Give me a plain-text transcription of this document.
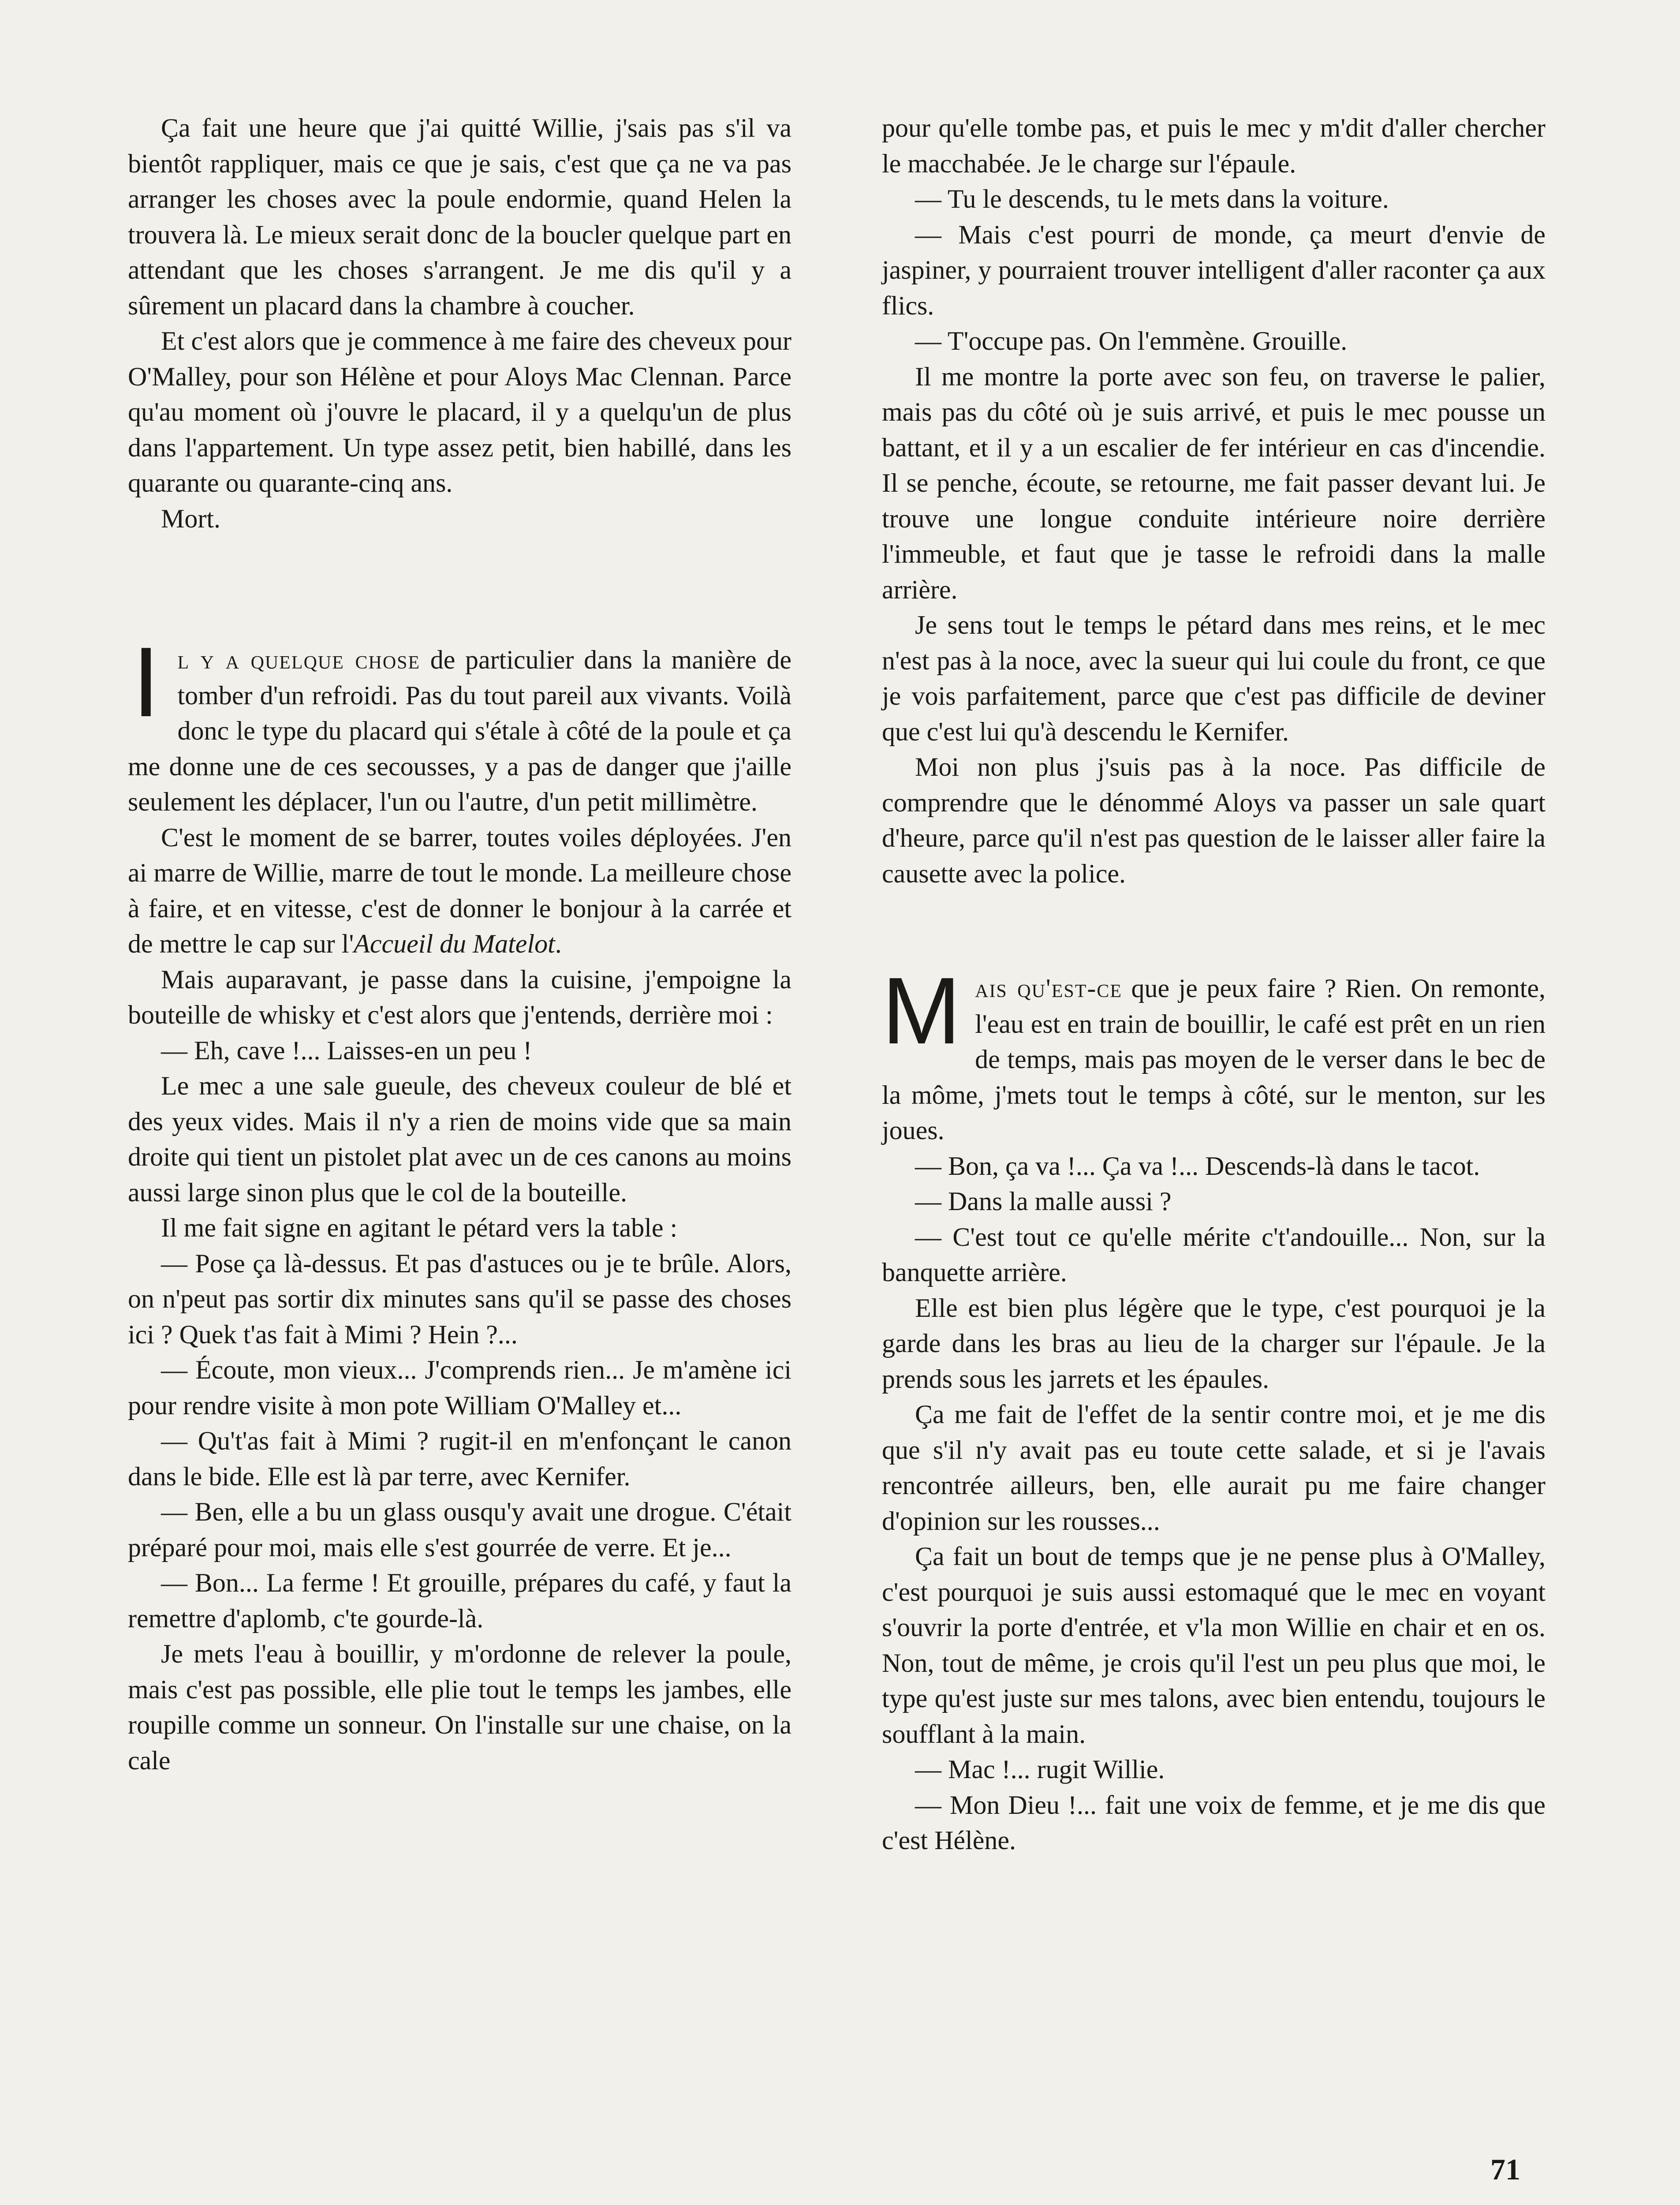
Ça fait une heure que j'ai quitté Willie, j'sais pas s'il va bientôt rappliquer, mais ce que je sais, c'est que ça ne va pas arranger les choses avec la poule endormie, quand Helen la trouvera là. Le mieux serait donc de la boucler quelque part en attendant que les choses s'arrangent. Je me dis qu'il y a sûrement un placard dans la chambre à coucher.

Et c'est alors que je commence à me faire des cheveux pour O'Malley, pour son Hélène et pour Aloys Mac Clennan. Parce qu'au moment où j'ouvre le placard, il y a quelqu'un de plus dans l'appartement. Un type assez petit, bien habillé, dans les quarante ou quarante-cinq ans.

Mort.

Il y a quelque chose de particulier dans la manière de tomber d'un refroidi. Pas du tout pareil aux vivants. Voilà donc le type du placard qui s'étale à côté de la poule et ça me donne une de ces secousses, y a pas de danger que j'aille seulement les déplacer, l'un ou l'autre, d'un petit millimètre.

C'est le moment de se barrer, toutes voiles déployées. J'en ai marre de Willie, marre de tout le monde. La meilleure chose à faire, et en vitesse, c'est de donner le bonjour à la carrée et de mettre le cap sur l'Accueil du Matelot.

Mais auparavant, je passe dans la cuisine, j'empoigne la bouteille de whisky et c'est alors que j'entends, derrière moi :

— Eh, cave !... Laisses-en un peu !

Le mec a une sale gueule, des cheveux couleur de blé et des yeux vides. Mais il n'y a rien de moins vide que sa main droite qui tient un pistolet plat avec un de ces canons au moins aussi large sinon plus que le col de la bouteille.

Il me fait signe en agitant le pétard vers la table :

— Pose ça là-dessus. Et pas d'astuces ou je te brûle. Alors, on n'peut pas sortir dix minutes sans qu'il se passe des choses ici ? Quek t'as fait à Mimi ? Hein ?...

— Écoute, mon vieux... J'comprends rien... Je m'amène ici pour rendre visite à mon pote William O'Malley et...

— Qu't'as fait à Mimi ? rugit-il en m'enfonçant le canon dans le bide. Elle est là par terre, avec Kernifer.

— Ben, elle a bu un glass ousqu'y avait une drogue. C'était préparé pour moi, mais elle s'est gourrée de verre. Et je...

— Bon... La ferme ! Et grouille, prépares du café, y faut la remettre d'aplomb, c'te gourde-là.

Je mets l'eau à bouillir, y m'ordonne de relever la poule, mais c'est pas possible, elle plie tout le temps les jambes, elle roupille comme un sonneur. On l'installe sur une chaise, on la cale

pour qu'elle tombe pas, et puis le mec y m'dit d'aller chercher le macchabée. Je le charge sur l'épaule.

— Tu le descends, tu le mets dans la voiture.

— Mais c'est pourri de monde, ça meurt d'envie de jaspiner, y pourraient trouver intelligent d'aller raconter ça aux flics.

— T'occupe pas. On l'emmène. Grouille.

Il me montre la porte avec son feu, on traverse le palier, mais pas du côté où je suis arrivé, et puis le mec pousse un battant, et il y a un escalier de fer intérieur en cas d'incendie. Il se penche, écoute, se retourne, me fait passer devant lui. Je trouve une longue conduite intérieure noire derrière l'immeuble, et faut que je tasse le refroidi dans la malle arrière.

Je sens tout le temps le pétard dans mes reins, et le mec n'est pas à la noce, avec la sueur qui lui coule du front, ce que je vois parfaitement, parce que c'est pas difficile de deviner que c'est lui qu'à descendu le Kernifer.

Moi non plus j'suis pas à la noce. Pas difficile de comprendre que le dénommé Aloys va passer un sale quart d'heure, parce qu'il n'est pas question de le laisser aller faire la causette avec la police.

Mais qu'est-ce que je peux faire ? Rien. On remonte, l'eau est en train de bouillir, le café est prêt en un rien de temps, mais pas moyen de le verser dans le bec de la môme, j'mets tout le temps à côté, sur le menton, sur les joues.

— Bon, ça va !... Ça va !... Descends-là dans le tacot.

— Dans la malle aussi ?

— C'est tout ce qu'elle mérite c't'andouille... Non, sur la banquette arrière.

Elle est bien plus légère que le type, c'est pourquoi je la garde dans les bras au lieu de la charger sur l'épaule. Je la prends sous les jarrets et les épaules.

Ça me fait de l'effet de la sentir contre moi, et je me dis que s'il n'y avait pas eu toute cette salade, et si je l'avais rencontrée ailleurs, ben, elle aurait pu me faire changer d'opinion sur les rousses...

Ça fait un bout de temps que je ne pense plus à O'Malley, c'est pourquoi je suis aussi estomaqué que le mec en voyant s'ouvrir la porte d'entrée, et v'la mon Willie en chair et en os. Non, tout de même, je crois qu'il l'est un peu plus que moi, le type qu'est juste sur mes talons, avec bien entendu, toujours le soufflant à la main.

— Mac !... rugit Willie.

— Mon Dieu !... fait une voix de femme, et je me dis que c'est Hélène.

71
